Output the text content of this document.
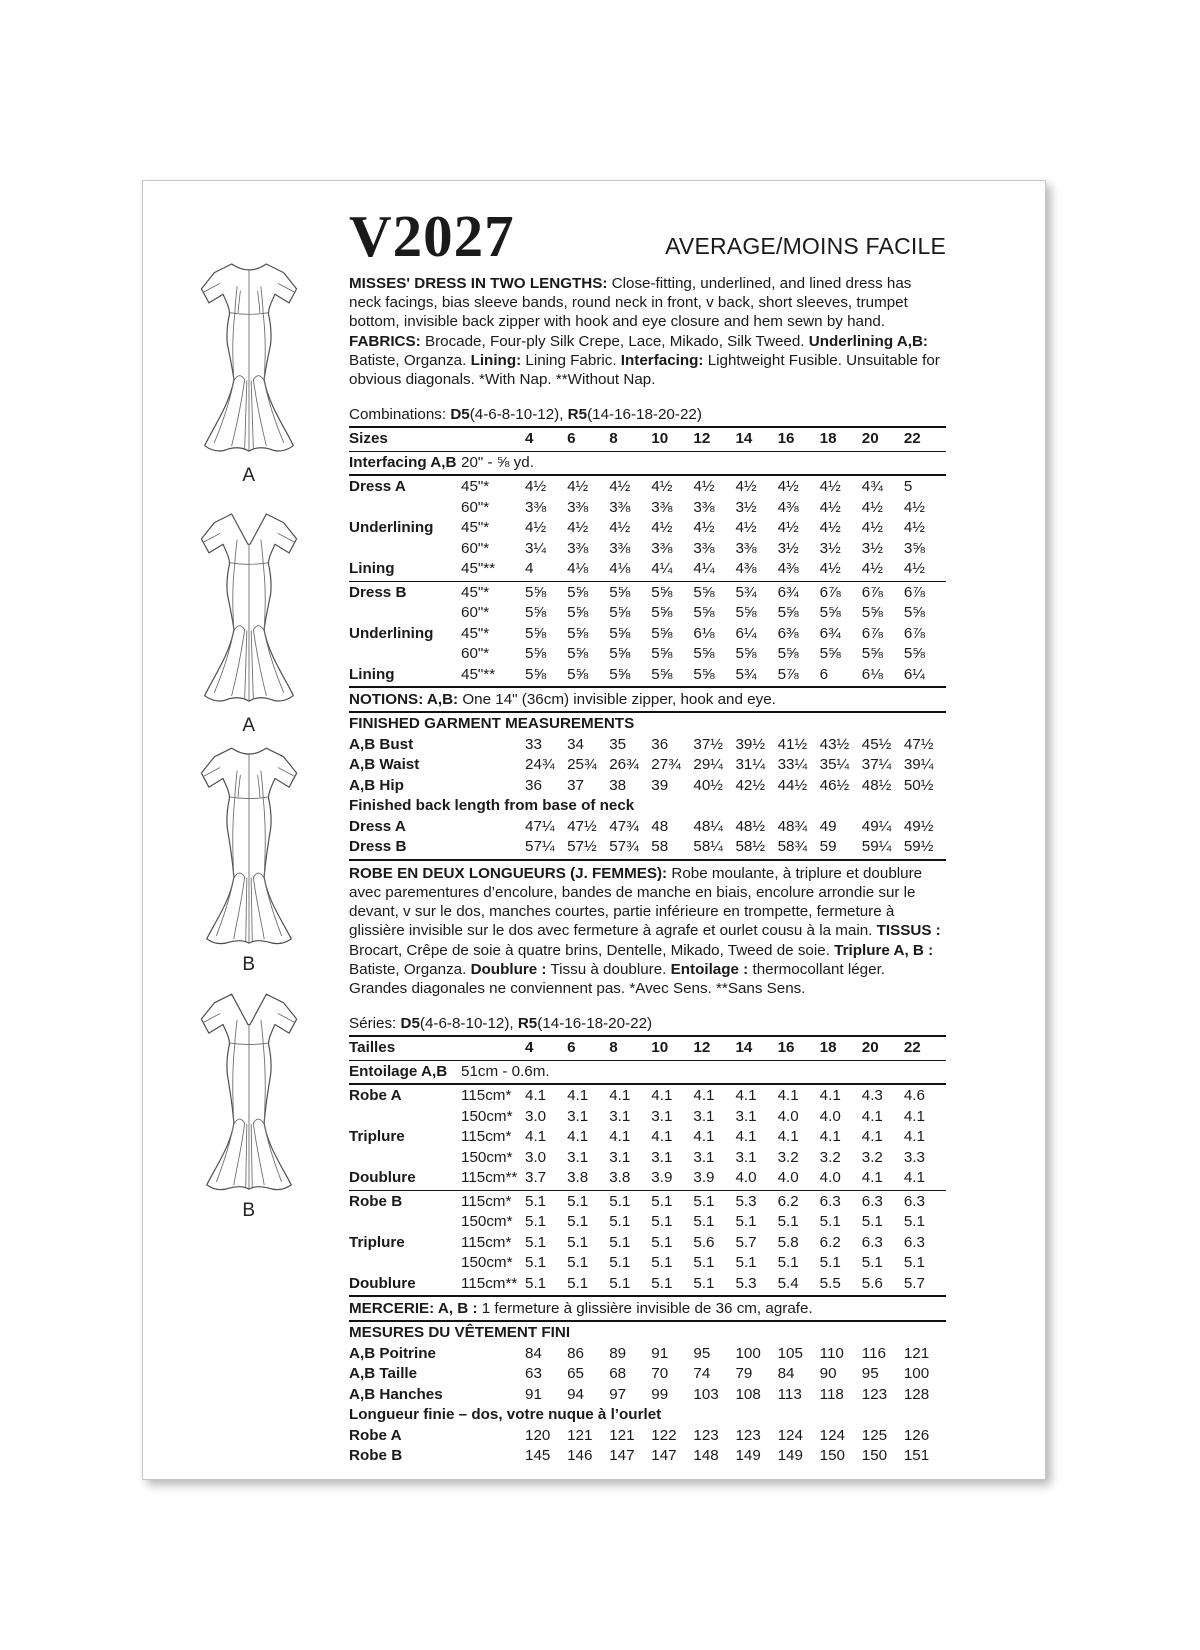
A
A
B
B
V2027	AVERAGE/MOINS FACILE
MISSES' DRESS IN TWO LENGTHS: Close-fitting, underlined, and lined dress has neck facings, bias sleeve bands, round neck in front, v back, short sleeves, trumpet bottom, invisible back zipper with hook and eye closure and hem sewn by hand. FABRICS: Brocade, Four-ply Silk Crepe, Lace, Mikado, Silk Tweed. Underlining A,B: Batiste, Organza. Lining: Lining Fabric. Interfacing: Lightweight Fusible. Unsuitable for obvious diagonals. *With Nap. **Without Nap.
Combinations: D5(4-6-8-10-12), R5(14-16-18-20-22)
Sizes	4	6	8	10	12	14	16	18	20	22
Interfacing A,B 20" - ⅝ yd.
Dress A	45"*	4½	4½	4½	4½	4½	4½	4½	4½	4¾	5
60"*	3⅜	3⅜	3⅜	3⅜	3⅜	3½	4⅜	4½	4½	4½
Underlining	45"*	4½	4½	4½	4½	4½	4½	4½	4½	4½	4½
60"*	3¼	3⅜	3⅜	3⅜	3⅜	3⅜	3½	3½	3½	3⅝
Lining	45"**	4	4⅛	4⅛	4¼	4¼	4⅜	4⅜	4½	4½	4½
Dress B	45"*	5⅝	5⅝	5⅝	5⅝	5⅝	5¾	6¾	6⅞	6⅞	6⅞
60"*	5⅝	5⅝	5⅝	5⅝	5⅝	5⅝	5⅝	5⅝	5⅝	5⅝
Underlining	45"*	5⅝	5⅝	5⅝	5⅝	6⅛	6¼	6⅜	6¾	6⅞	6⅞
60"*	5⅝	5⅝	5⅝	5⅝	5⅝	5⅝	5⅝	5⅝	5⅝	5⅝
Lining	45"**	5⅝	5⅝	5⅝	5⅝	5⅝	5¾	5⅞	6	6⅛	6¼
NOTIONS: A,B: One 14" (36cm) invisible zipper, hook and eye.
FINISHED GARMENT MEASUREMENTS
A,B Bust	33	34	35	36	37½ 39½ 41½ 43½ 45½ 47½
A,B Waist	24¾ 25¾ 26¾ 27¾ 29¼ 31¼ 33¼ 35¼ 37¼ 39¼
A,B Hip	36	37	38	39	40½ 42½ 44½ 46½ 48½ 50½
Finished back length from base of neck
Dress A	47¼ 47½ 47¾ 48	48¼ 48½ 48¾ 49	49¼ 49½
Dress B	57¼ 57½ 57¾ 58	58¼ 58½ 58¾ 59	59¼ 59½
ROBE EN DEUX LONGUEURS (J. FEMMES): Robe moulante, à triplure et doublure avec parementures d’encolure, bandes de manche en biais, encolure arrondie sur le devant, v sur le dos, manches courtes, partie inférieure en trompette, fermeture à glissière invisible sur le dos avec fermeture à agrafe et ourlet cousu à la main. TISSUS : Brocart, Crêpe de soie à quatre brins, Dentelle, Mikado, Tweed de soie. Triplure A, B : Batiste, Organza. Doublure : Tissu à doublure. Entoilage : thermocollant léger. Grandes diagonales ne conviennent pas. *Avec Sens. **Sans Sens.
Séries: D5(4-6-8-10-12), R5(14-16-18-20-22)
Tailles	4	6	8	10	12	14	16	18	20	22
Entoilage A,B 51cm - 0.6m.
Robe A	115cm* 4.1	4.1	4.1	4.1	4.1	4.1	4.1	4.1	4.3	4.6
150cm* 3.0	3.1	3.1	3.1	3.1	3.1	4.0	4.0	4.1	4.1
Triplure	115cm* 4.1	4.1	4.1	4.1	4.1	4.1	4.1	4.1	4.1	4.1
150cm* 3.0	3.1	3.1	3.1	3.1	3.1	3.2	3.2	3.2	3.3
Doublure	115cm** 3.7	3.8	3.8	3.9	3.9	4.0	4.0	4.0	4.1	4.1
Robe B	115cm* 5.1	5.1	5.1	5.1	5.1	5.3	6.2	6.3	6.3	6.3
150cm* 5.1	5.1	5.1	5.1	5.1	5.1	5.1	5.1	5.1	5.1
Triplure	115cm* 5.1	5.1	5.1	5.1	5.6	5.7	5.8	6.2	6.3	6.3
150cm* 5.1	5.1	5.1	5.1	5.1	5.1	5.1	5.1	5.1	5.1
Doublure	115cm** 5.1	5.1	5.1	5.1	5.1	5.3	5.4	5.5	5.6	5.7
MERCERIE: A, B : 1 fermeture à glissière invisible de 36 cm, agrafe.
MESURES DU VÊTEMENT FINI
A,B Poitrine	84	86	89	91	95	100	105	110	116	121
A,B Taille	63	65	68	70	74	79	84	90	95	100
A,B Hanches	91	94	97	99	103	108	113	118	123	128
Longueur finie – dos, votre nuque à l’ourlet
Robe A	120	121	121	122	123	123	124	124	125	126
Robe B	145	146	147	147	148	149	149	150	150	151
